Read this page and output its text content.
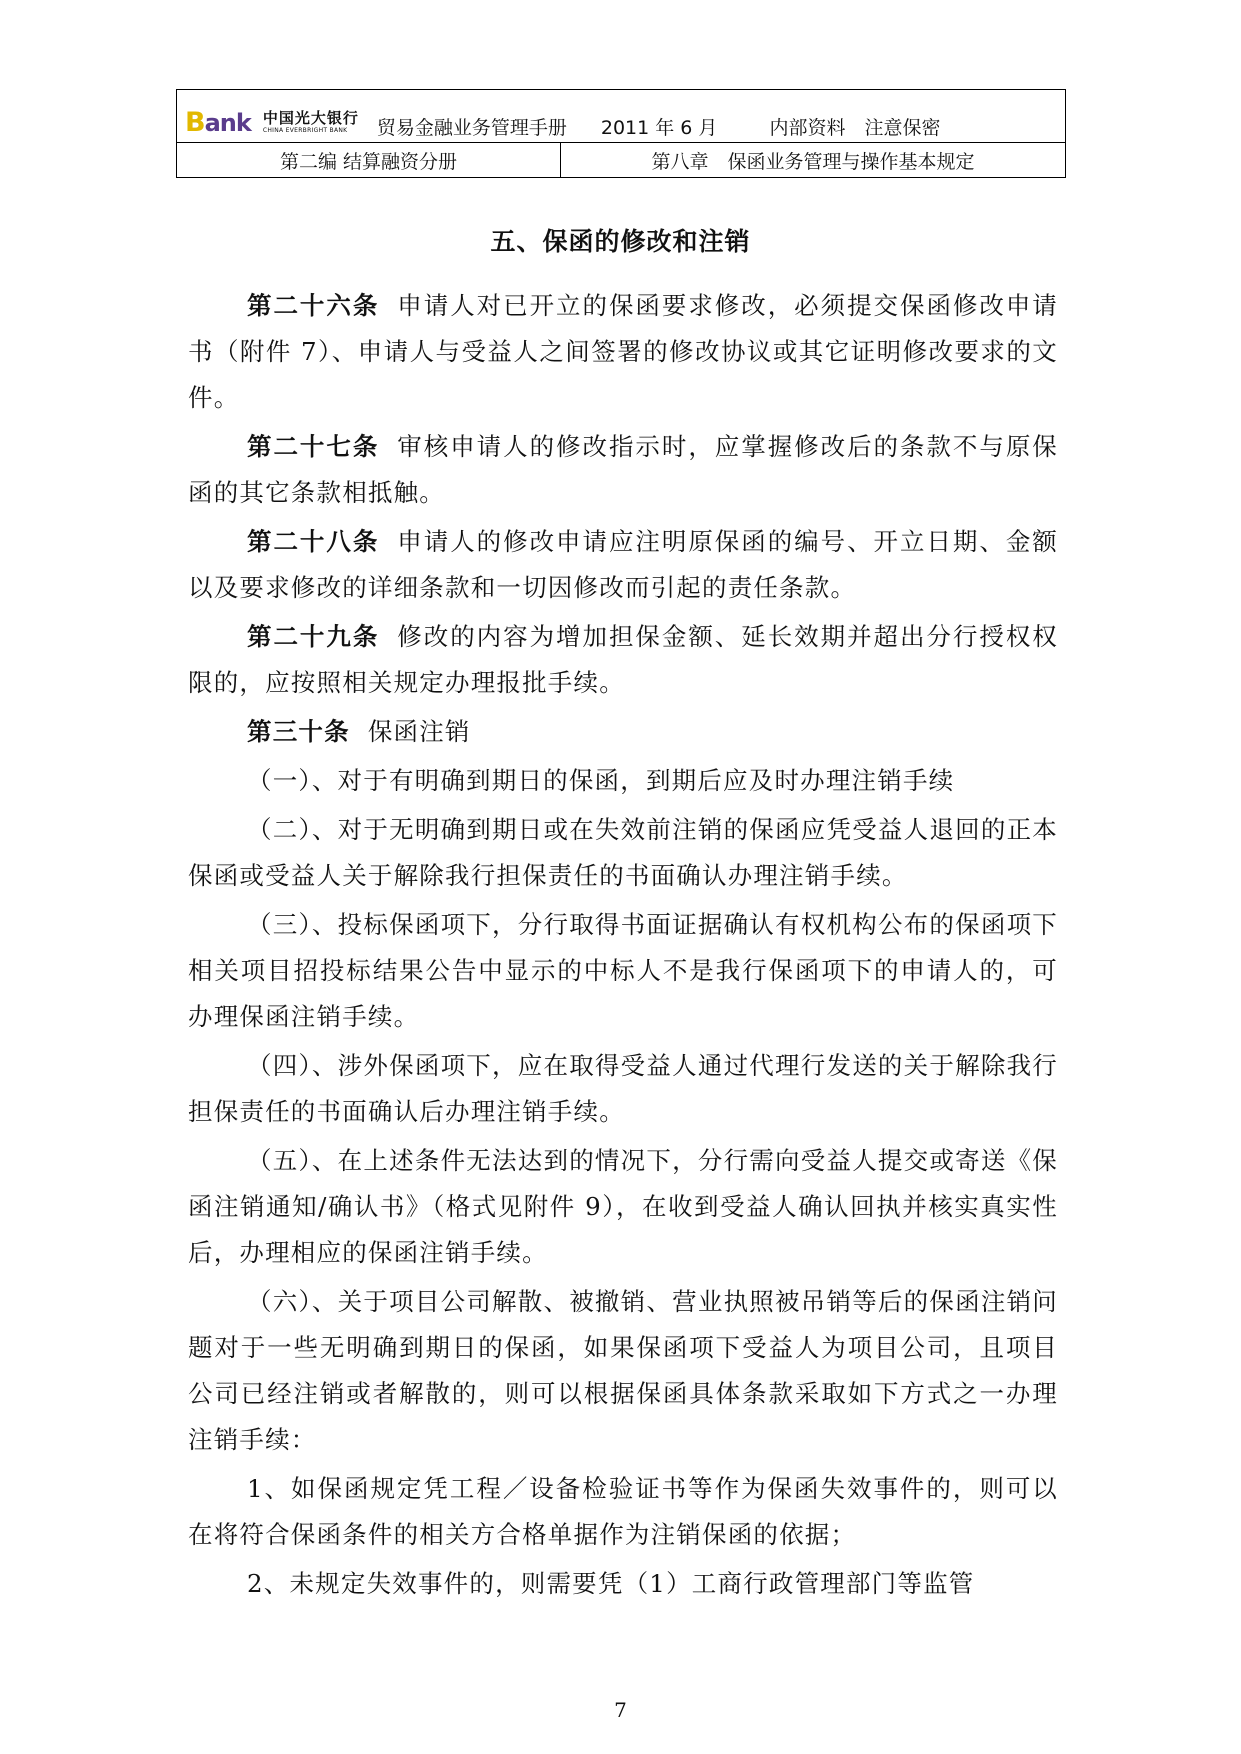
Bank 中国光大银行
CHINA EVERBRIGHT BANK	贸易金融业务管理手册 2011 年 6 月	内部资料　注意保密

第二编 结算融资分册	第八章　保函业务管理与操作基本规定
五、保函的修改和注销

第二十六条 申请人对已开立的保函要求修改，必须提交保函修改申请书（附件 7）、申请人与受益人之间签署的修改协议或其它证明修改要求的文件。

第二十七条 审核申请人的修改指示时，应掌握修改后的条款不与原保函的其它条款相抵触。

第二十八条 申请人的修改申请应注明原保函的编号、开立日期、金额以及要求修改的详细条款和一切因修改而引起的责任条款。

第二十九条 修改的内容为增加担保金额、延长效期并超出分行授权权限的，应按照相关规定办理报批手续。

第三十条 保函注销

（一）、对于有明确到期日的保函，到期后应及时办理注销手续

（二）、对于无明确到期日或在失效前注销的保函应凭受益人退回的正本保函或受益人关于解除我行担保责任的书面确认办理注销手续。

（三）、投标保函项下，分行取得书面证据确认有权机构公布的保函项下相关项目招投标结果公告中显示的中标人不是我行保函项下的申请人的，可办理保函注销手续。

（四）、涉外保函项下，应在取得受益人通过代理行发送的关于解除我行担保责任的书面确认后办理注销手续。

（五）、在上述条件无法达到的情况下，分行需向受益人提交或寄送《保函注销通知/确认书》（格式见附件 9），在收到受益人确认回执并核实真实性后，办理相应的保函注销手续。

（六）、关于项目公司解散、被撤销、营业执照被吊销等后的保函注销问题对于一些无明确到期日的保函，如果保函项下受益人为项目公司，且项目公司已经注销或者解散的，则可以根据保函具体条款采取如下方式之一办理注销手续：

1、如保函规定凭工程／设备检验证书等作为保函失效事件的，则可以在将符合保函条件的相关方合格单据作为注销保函的依据；

2、未规定失效事件的，则需要凭（1）工商行政管理部门等监管

7
